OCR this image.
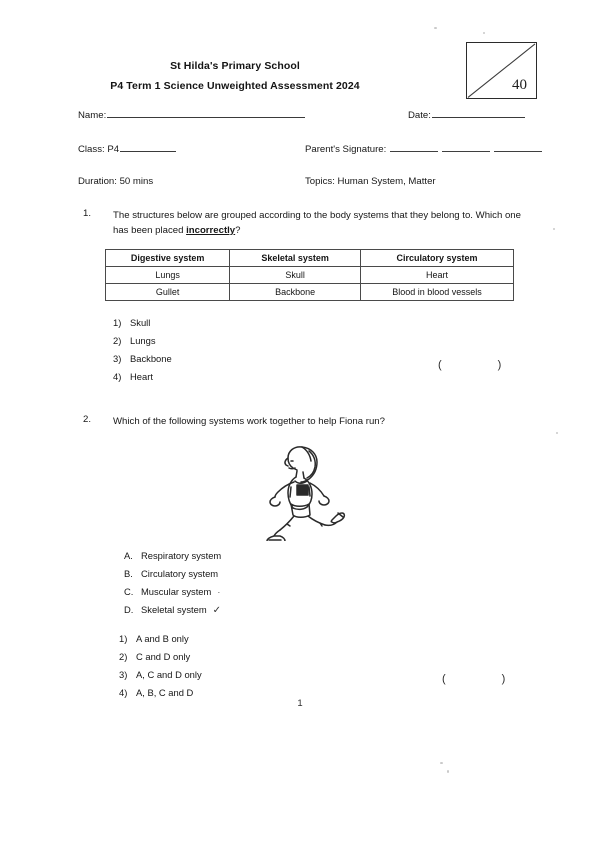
St Hilda's Primary School
P4 Term 1 Science Unweighted Assessment 2024	40
Name:	Date:
Class: P4	Parent's Signature:
Duration: 50 mins	Topics: Human System, Matter
1. The structures below are grouped according to the body systems that they belong to. Which one has been placed incorrectly?
Digestive system	Skeletal system	Circulatory system
Lungs	Skull	Heart
Gullet	Backbone	Blood in blood vessels
1) Skull
2) Lungs
3) Backbone
4) Heart
(	)
2. Which of the following systems work together to help Fiona run?
A. Respiratory system
B. Circulatory system
C. Muscular system ·
D. Skeletal system ✓
1) A and B only
2) C and D only
3) A, C and D only
4) A, B, C and D
(	)
1
